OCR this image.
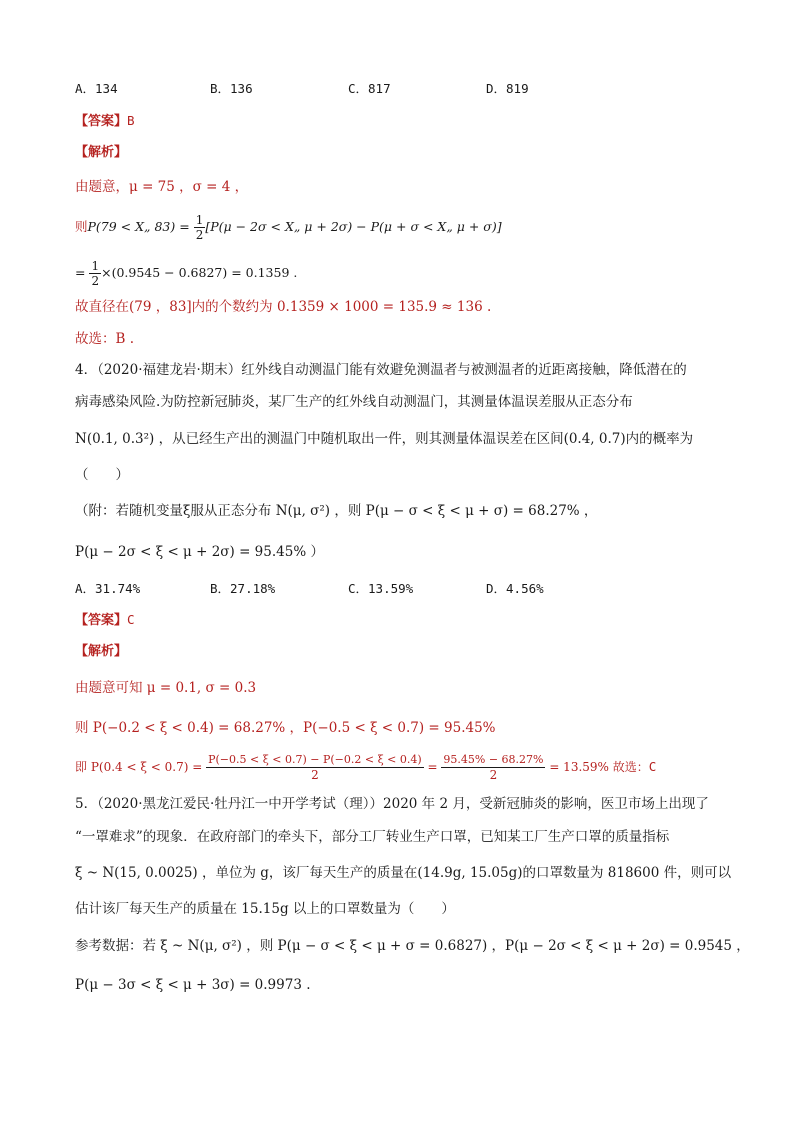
A．134	B．136	C．817	D．819
【答案】B
【解析】
由题意，μ = 75 ，σ = 4 ，
则P(79 < X„ $83) = \frac{1}{2} [P(\mu - 2\sigma$ < X„ μ + 2σ) − P(μ + σ < X„ μ + σ)]
= $\frac{1}{2} \times(0.9545 - 0.6827) = 0.1359$ .
故直径在(79 ，83]内的个数约为 0.1359 × 1000 = 135.9 ≈ 136 .
故选：B .
4．（2020·福建龙岩·期末）红外线自动测温门能有效避免测温者与被测温者的近距离接触，降低潜在的
病毒感染风险.为防控新冠肺炎，某厂生产的红外线自动测温门，其测量体温误差服从正态分布
N(0.1, 0.3²) ，从已经生产出的测温门中随机取出一件，则其测量体温误差在区间(0.4, 0.7)内的概率为
（　　）
（附：若随机变量ξ服从正态分布 N(μ, σ²) ，则 P(μ − σ < ξ < μ + σ) = 68.27% ，
P(μ − 2σ < ξ < μ + 2σ) = 95.45% ）
A．31.74%	B．27.18%	C．13.59%	D．4.56%
【答案】C
【解析】
由题意可知 μ = 0.1, σ = 0.3
则 P(−0.2 < ξ < 0.4) = 68.27% ，P(−0.5 < ξ < 0.7) = 95.45%
即 $P(0.4 < \xi < 0.7) = \frac{P(-0.5 < \xi < 0.7) - P(-0.2 < \xi < 0.4)}{2} = \frac{95.45\% - 68.27\%}{2} = 13.59\%$ 故选：C
5．（2020·黑龙江爱民·牡丹江一中开学考试（理））2020 年 2 月，受新冠肺炎的影响，医卫市场上出现了
“一罩难求”的现象．在政府部门的牵头下，部分工厂转业生产口罩，已知某工厂生产口罩的质量指标
ξ ~ N(15, 0.0025) ，单位为 g，该厂每天生产的质量在(14.9g, 15.05g)的口罩数量为 818600 件，则可以
估计该厂每天生产的质量在 15.15g 以上的口罩数量为（　　）
参考数据：若 ξ ~ N(μ, σ²) ，则 P(μ − σ < ξ < μ + σ = 0.6827) ，P(μ − 2σ < ξ < μ + 2σ) = 0.9545 ，
P(μ − 3σ < ξ < μ + 3σ) = 0.9973 .
